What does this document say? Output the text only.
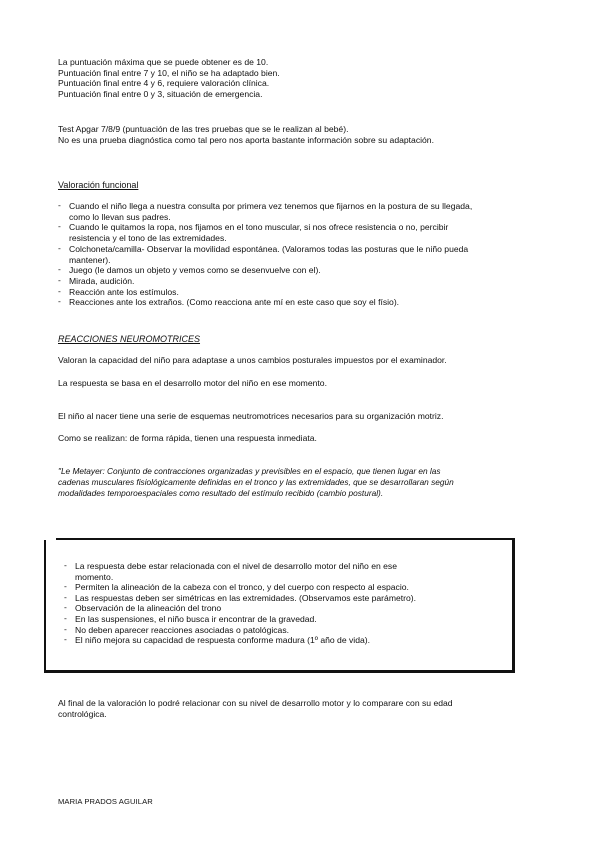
La puntuación máxima que se puede obtener es de 10.
Puntuación final entre 7 y 10, el niño se ha adaptado bien.
Puntuación final entre 4 y 6, requiere valoración clínica.
Puntuación final entre 0 y 3, situación de emergencia.
Test Apgar 7/8/9 (puntuación de las tres pruebas que se le realizan al bebé).
No es una prueba diagnóstica como tal pero nos aporta bastante información sobre su adaptación.
Valoración funcional
- Cuando el niño llega a nuestra consulta por primera vez tenemos que fijarnos en la postura de su llegada,
como lo llevan sus padres.
- Cuando le quitamos la ropa, nos fijamos en el tono muscular, si nos ofrece resistencia o no, percibir
resistencia y el tono de las extremidades.
- Colchoneta/camilla- Observar la movilidad espontánea. (Valoramos todas las posturas que le niño pueda
mantener).
- Juego (le damos un objeto y vemos como se desenvuelve con el).
- Mirada, audición.
- Reacción ante los estímulos.
- Reacciones ante los extraños. (Como reacciona ante mí en este caso que soy el físio).
REACCIONES NEUROMOTRICES
Valoran la capacidad del niño para adaptase a unos cambios posturales impuestos por el examinador.
La respuesta se basa en el desarrollo motor del niño en ese momento.
El niño al nacer tiene una serie de esquemas neutromotrices necesarios para su organización motriz.
Como se realizan: de forma rápida, tienen una respuesta inmediata.
"Le Metayer: Conjunto de contracciones organizadas y previsibles en el espacio, que tienen lugar en las
cadenas musculares fisiológicamente definidas en el tronco y las extremidades, que se desarrollaran según
modalidades temporoespaciales como resultado del estímulo recibido (cambio postural).
- La respuesta debe estar relacionada con el nivel de desarrollo motor del niño en ese
momento.
- Permiten la alineación de la cabeza con el tronco, y del cuerpo con respecto al espacio.
- Las respuestas deben ser simétricas en las extremidades. (Observamos este parámetro).
- Observación de la alineación del trono
- En las suspensiones, el niño busca ir encontrar de la gravedad.
- No deben aparecer reacciones asociadas o patológicas.
- El niño mejora su capacidad de respuesta conforme madura (1º año de vida).
Al final de la valoración lo podré relacionar con su nivel de desarrollo motor y lo comparare con su edad
contrológica.
MARIA PRADOS AGUILAR
